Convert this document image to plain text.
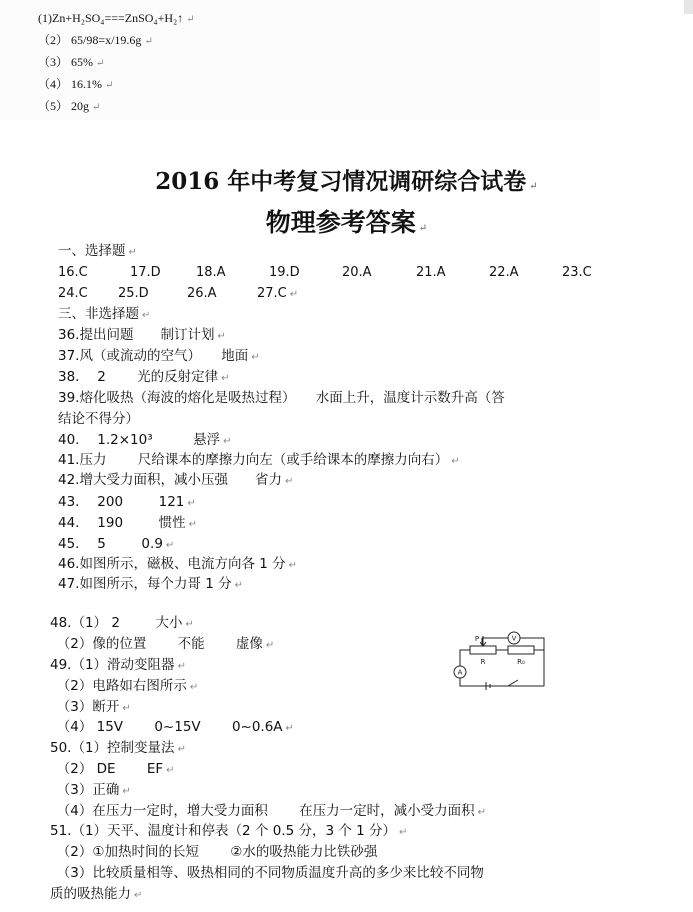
(1)Zn+H₂SO₄===ZnSO₄+H₂↑ ↵
（2） 65/98=x/19.6g ↵
（3） 65% ↵
（4） 16.1% ↵
（5） 20g ↵
2016 年中考复习情况调研综合试卷 ↵
物理参考答案 ↵
一、选择题 ↵
16.C	17.D	18.A	19.D	20.A	21.A	22.A	23.C
24.C 25.D	26.A	27.C ↵
三、非选择题 ↵
36.提出问题　　制订计划 ↵
37.风（或流动的空气）　　地面 ↵
38.　 2 　　光的反射定律 ↵
39.熔化吸热（海波的熔化是吸热过程）　　水面上升，温度计示数升高（答
结论不得分）
40.　 1.2×10³　　　悬浮 ↵
41.压力　　 尺给课本的摩擦力向左（或手给课本的摩擦力向右） ↵
42.增大受力面积，减小压强　　省力 ↵
43.　 200 　　 121 ↵
44.　 190 　　 惯性 ↵
45.　 5 　　 0.9 ↵
46.如图所示，磁极、电流方向各 1 分 ↵
47.如图所示，每个力哥 1 分 ↵
48.（1） 2 　　 大小 ↵
　（2）像的位置　　 不能　　 虚像 ↵
49.（1）滑动变阻器 ↵
　（2）电路如右图所示 ↵
　（3）断开 ↵
　（4） 15V　　 0~15V　　 0~0.6A ↵
50.（1）控制变量法 ↵
　（2） DE　　 EF ↵
　（3）正确 ↵
　（4）在压力一定时，增大受力面积　　 在压力一定时，减小受力面积 ↵
51.（1）天平、温度计和停表（2 个 0.5 分，3 个 1 分） ↵
　（2）①加热时间的长短　　 ②水的吸热能力比铁砂强
　（3）比较质量相等、吸热相同的不同物质温度升高的多少来比较不同物
质的吸热能力 ↵
V
A
P
R	R₀
